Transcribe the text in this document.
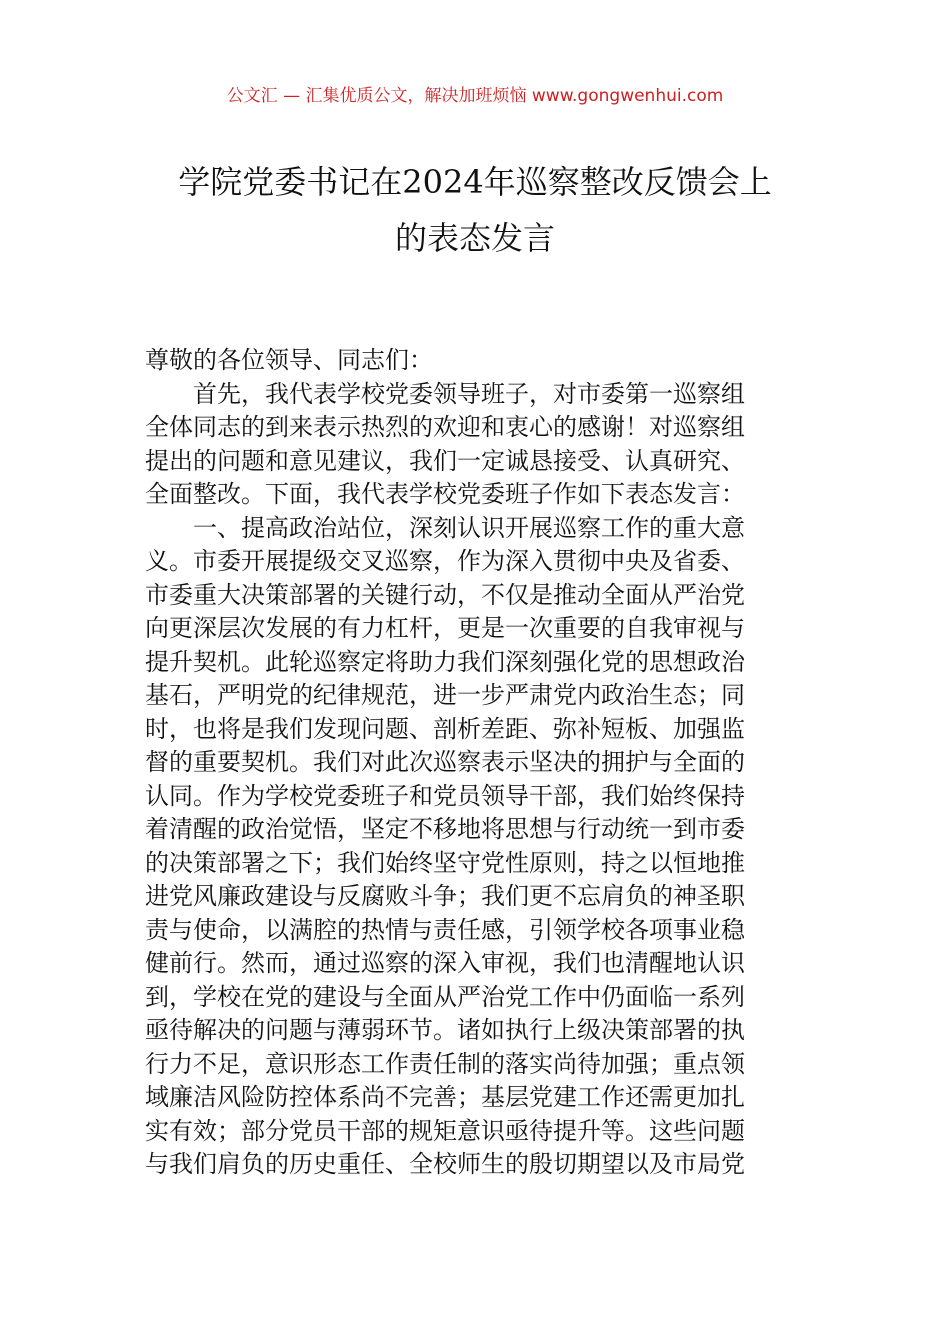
公文汇 — 汇集优质公文，解决加班烦恼 www.gongwenhui.com
学院党委书记在2024年巡察整改反馈会上
的表态发言
尊敬的各位领导、同志们：
首先，我代表学校党委领导班子，对市委第一巡察组
全体同志的到来表示热烈的欢迎和衷心的感谢！对巡察组
提出的问题和意见建议，我们一定诚恳接受、认真研究、
全面整改。下面，我代表学校党委班子作如下表态发言：
一、提高政治站位，深刻认识开展巡察工作的重大意
义。市委开展提级交叉巡察，作为深入贯彻中央及省委、
市委重大决策部署的关键行动，不仅是推动全面从严治党
向更深层次发展的有力杠杆，更是一次重要的自我审视与
提升契机。此轮巡察定将助力我们深刻强化党的思想政治
基石，严明党的纪律规范，进一步严肃党内政治生态；同
时，也将是我们发现问题、剖析差距、弥补短板、加强监
督的重要契机。我们对此次巡察表示坚决的拥护与全面的
认同。作为学校党委班子和党员领导干部，我们始终保持
着清醒的政治觉悟，坚定不移地将思想与行动统一到市委
的决策部署之下；我们始终坚守党性原则，持之以恒地推
进党风廉政建设与反腐败斗争；我们更不忘肩负的神圣职
责与使命，以满腔的热情与责任感，引领学校各项事业稳
健前行。然而，通过巡察的深入审视，我们也清醒地认识
到，学校在党的建设与全面从严治党工作中仍面临一系列
亟待解决的问题与薄弱环节。诸如执行上级决策部署的执
行力不足，意识形态工作责任制的落实尚待加强；重点领
域廉洁风险防控体系尚不完善；基层党建工作还需更加扎
实有效；部分党员干部的规矩意识亟待提升等。这些问题
与我们肩负的历史重任、全校师生的殷切期望以及市局党
